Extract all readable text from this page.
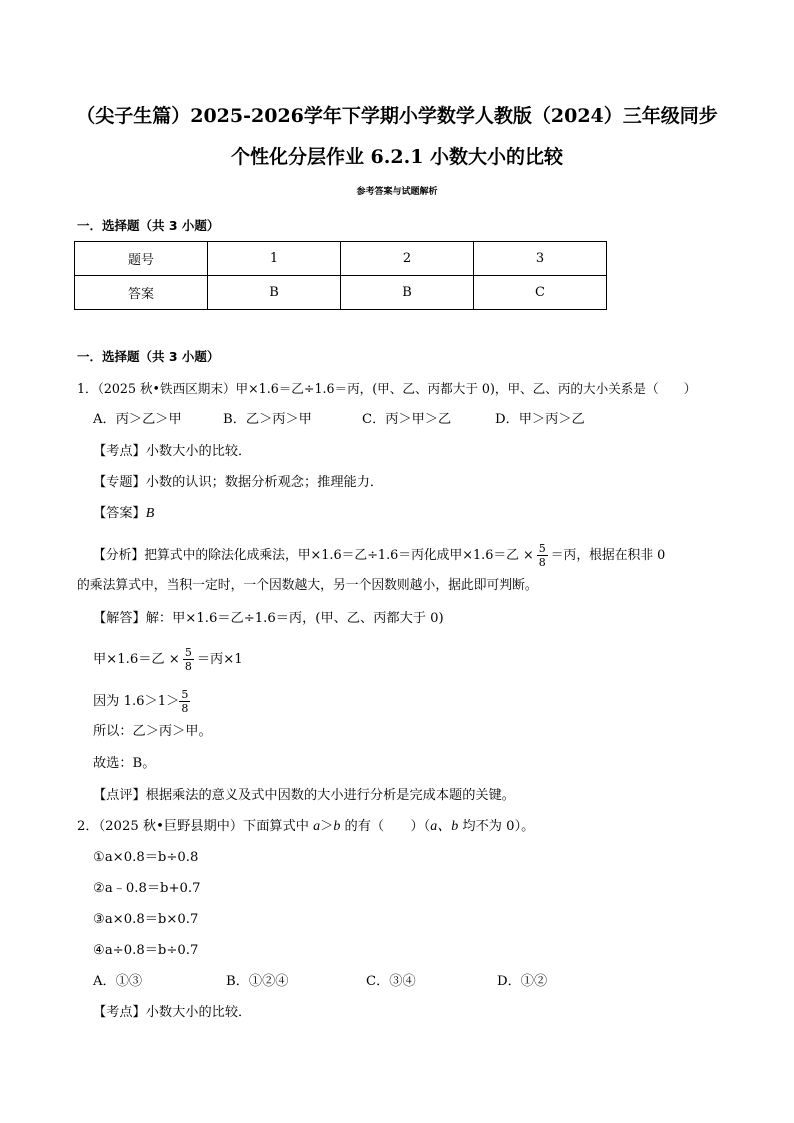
（尖子生篇）2025-2026学年下学期小学数学人教版（2024）三年级同步
个性化分层作业 6.2.1 小数大小的比较
参考答案与试题解析
一．选择题（共 3 小题）
题号	1	2	3
答案	B	B	C
一．选择题（共 3 小题）
1．（2025 秋•铁西区期末）甲×1.6＝乙÷1.6＝丙，(甲、乙、丙都大于 0)，甲、乙、丙的大小关系是（　　）
A．丙＞乙＞甲	B．乙＞丙＞甲	C．丙＞甲＞乙	D．甲＞丙＞乙
【考点】小数大小的比较．
【专题】小数的认识；数据分析观念；推理能力．
【答案】B
【分析】把算式中的除法化成乘法，甲×1.6＝乙÷1.6＝丙化成甲×1.6＝乙 × $\frac{5}{8}$ ＝丙，根据在积非 0
的乘法算式中，当积一定时，一个因数越大，另一个因数则越小，据此即可判断。
【解答】解：甲×1.6＝乙÷1.6＝丙，(甲、乙、丙都大于 0)
甲×1.6＝乙 × $\frac{5}{8}$ ＝丙×1
因为 $1.6>1> \frac{5}{8}$
所以：乙＞丙＞甲。
故选：B。
【点评】根据乘法的意义及式中因数的大小进行分析是完成本题的关键。
2．（2025 秋•巨野县期中）下面算式中 a＞b 的有（　　）（a、b 均不为 0）。
①a×0.8＝b÷0.8
②a﹣0.8＝b+0.7
③a×0.8＝b×0.7
④a÷0.8＝b÷0.7
A．①③	B．①②④	C．③④	D．①②
【考点】小数大小的比较．
